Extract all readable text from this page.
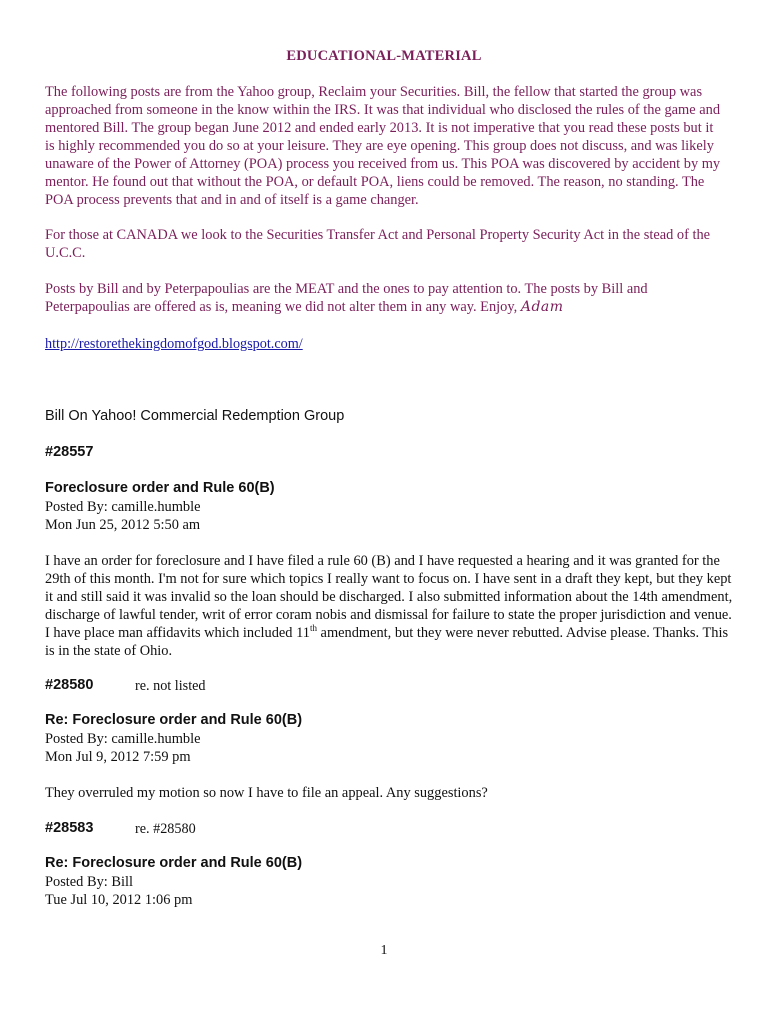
EDUCATIONAL-MATERIAL
The following posts are from the Yahoo group, Reclaim your Securities. Bill, the fellow that started the group was approached from someone in the know within the IRS. It was that individual who disclosed the rules of the game and mentored Bill. The group began June 2012 and ended early 2013. It is not imperative that you read these posts but it is highly recommended you do so at your leisure. They are eye opening. This group does not discuss, and was likely unaware of the Power of Attorney (POA) process you received from us. This POA was discovered by accident by my mentor. He found out that without the POA, or default POA, liens could be removed. The reason, no standing. The POA process prevents that and in and of itself is a game changer.
For those at CANADA we look to the Securities Transfer Act and Personal Property Security Act in the stead of the U.C.C.
Posts by Bill and by Peterpapoulias are the MEAT and the ones to pay attention to. The posts by Bill and Peterpapoulias are offered as is, meaning we did not alter them in any way. Enjoy, Adam
http://restorethekingdomofgod.blogspot.com/
Bill On Yahoo! Commercial Redemption Group
#28557
Foreclosure order and Rule 60(B)
Posted By: camille.humble
Mon Jun 25, 2012 5:50 am
I have an order for foreclosure and I have filed a rule 60 (B) and I have requested a hearing and it was granted for the 29th of this month. I'm not for sure which topics I really want to focus on. I have sent in a draft they kept, but they kept it and still said it was invalid so the loan should be discharged. I also submitted information about the 14th amendment, discharge of lawful tender, writ of error coram nobis and dismissal for failure to state the proper jurisdiction and venue. I have place man affidavits which included 11th amendment, but they were never rebutted. Advise please. Thanks. This is in the state of Ohio.
#28580	re. not listed
Re: Foreclosure order and Rule 60(B)
Posted By: camille.humble
Mon Jul 9, 2012 7:59 pm
They overruled my motion so now I have to file an appeal. Any suggestions?
#28583	re. #28580
Re: Foreclosure order and Rule 60(B)
Posted By: Bill
Tue Jul 10, 2012 1:06 pm
1
